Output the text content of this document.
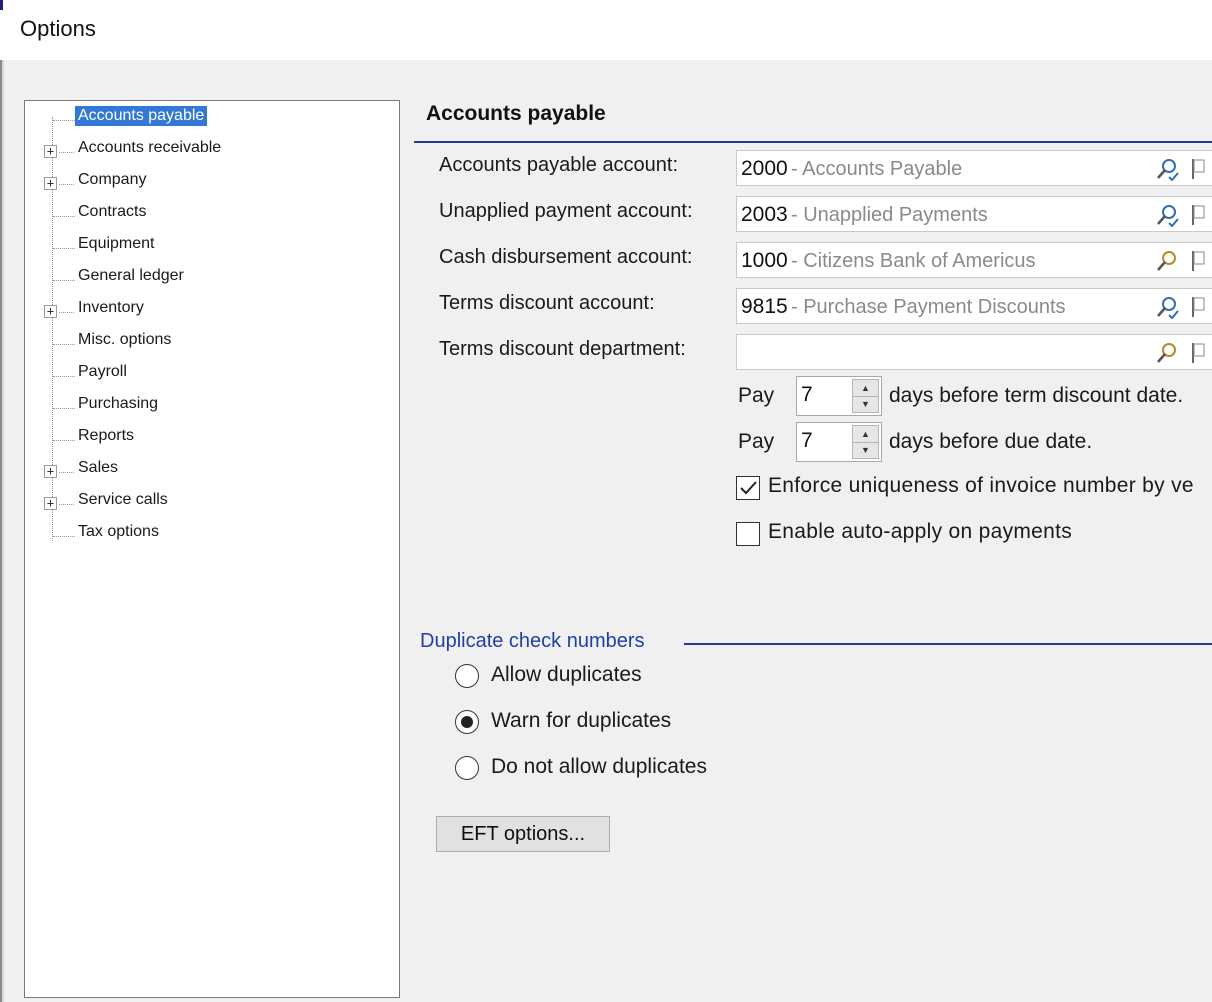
Options
Accounts payable
+ Accounts receivable
+ Company
Contracts
Equipment
General ledger
+ Inventory
Misc. options
Payroll
Purchasing
Reports
+ Sales
+ Service calls
Tax options
Accounts payable
Accounts payable account:	2000 - Accounts Payable
Unapplied payment account: 2003 - Unapplied Payments
Cash disbursement account: 1000 - Citizens Bank of Americus
Terms discount account:	9815 - Purchase Payment Discounts
Terms discount department:
Pay 7	▲
▼ days before term discount date.
Pay 7	▲
▼ days before due date.
Enforce uniqueness of invoice number by ve
Enable auto-apply on payments
Duplicate check numbers
Allow duplicates
Warn for duplicates
Do not allow duplicates
EFT options...
